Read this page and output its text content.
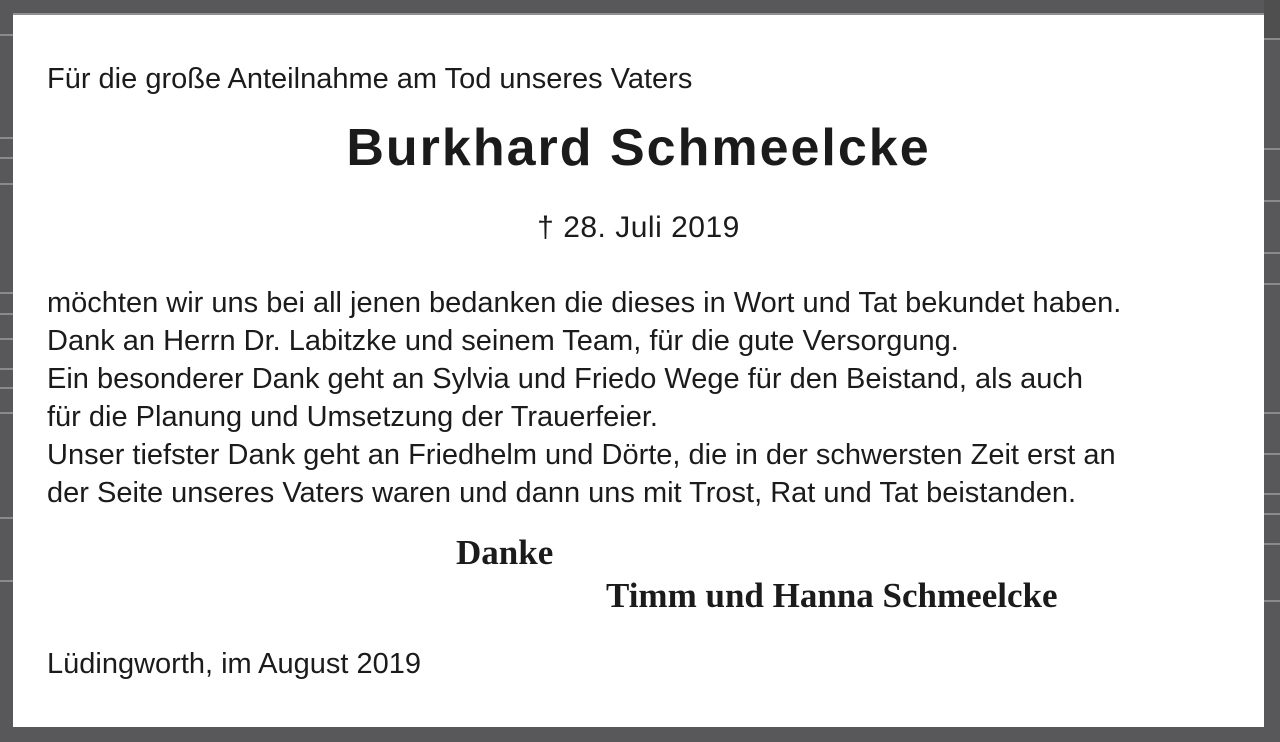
Für die große Anteilnahme am Tod unseres Vaters

Burkhard Schmeelcke
† 28. Juli 2019
möchten wir uns bei all jenen bedanken die dieses in Wort und Tat bekundet haben.
Dank an Herrn Dr. Labitzke und seinem Team, für die gute Versorgung.
Ein besonderer Dank geht an Sylvia und Friedo Wege für den Beistand, als auch
für die Planung und Umsetzung der Trauerfeier.
Unser tiefster Dank geht an Friedhelm und Dörte, die in der schwersten Zeit erst an
der Seite unseres Vaters waren und dann uns mit Trost, Rat und Tat beistanden.
Danke
Timm und Hanna Schmeelcke
Lüdingworth, im August 2019
